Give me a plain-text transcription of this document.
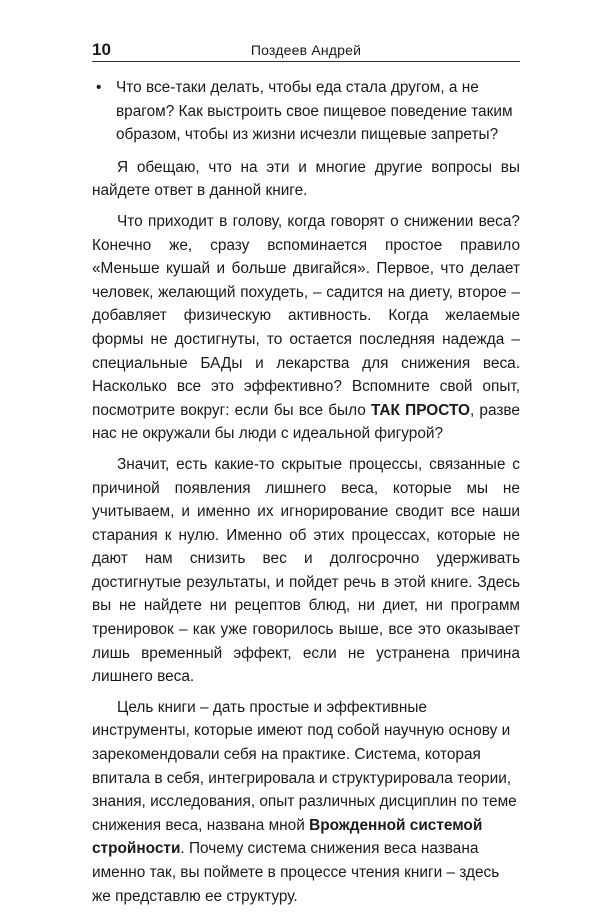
10	Поздеев Андрей
• Что все-таки делать, чтобы еда стала другом, а не врагом? Как выстроить свое пищевое поведение таким образом, чтобы из жизни исчезли пищевые запреты?

Я обещаю, что на эти и многие другие вопросы вы найдете ответ в данной книге.

Что приходит в голову, когда говорят о снижении веса? Конечно же, сразу вспоминается простое правило «Меньше кушай и больше двигайся». Первое, что делает человек, желающий похудеть, – садится на диету, второе – добавляет физическую активность. Когда желаемые формы не достигнуты, то остается последняя надежда – специальные БАДы и лекарства для снижения веса. Насколько все это эффективно? Вспомните свой опыт, посмотрите вокруг: если бы все было ТАК ПРОСТО, разве нас не окружали бы люди с идеальной фигурой?

Значит, есть какие-то скрытые процессы, связанные с причиной появления лишнего веса, которые мы не учитываем, и именно их игнорирование сводит все наши старания к нулю. Именно об этих процессах, которые не дают нам снизить вес и долгосрочно удерживать достигнутые результаты, и пойдет речь в этой книге. Здесь вы не найдете ни рецептов блюд, ни диет, ни программ тренировок – как уже говорилось выше, все это оказывает лишь временный эффект, если не устранена причина лишнего веса.

Цель книги – дать простые и эффективные инструменты, которые имеют под собой научную основу и зарекомендовали себя на практике. Система, которая впитала в себя, интегрировала и структурировала теории, знания, исследования, опыт различных дисциплин по теме снижения веса, названа мной Врожденной системой стройности. Почему система снижения веса названа именно так, вы поймете в процессе чтения книги – здесь же представлю ее структуру.
